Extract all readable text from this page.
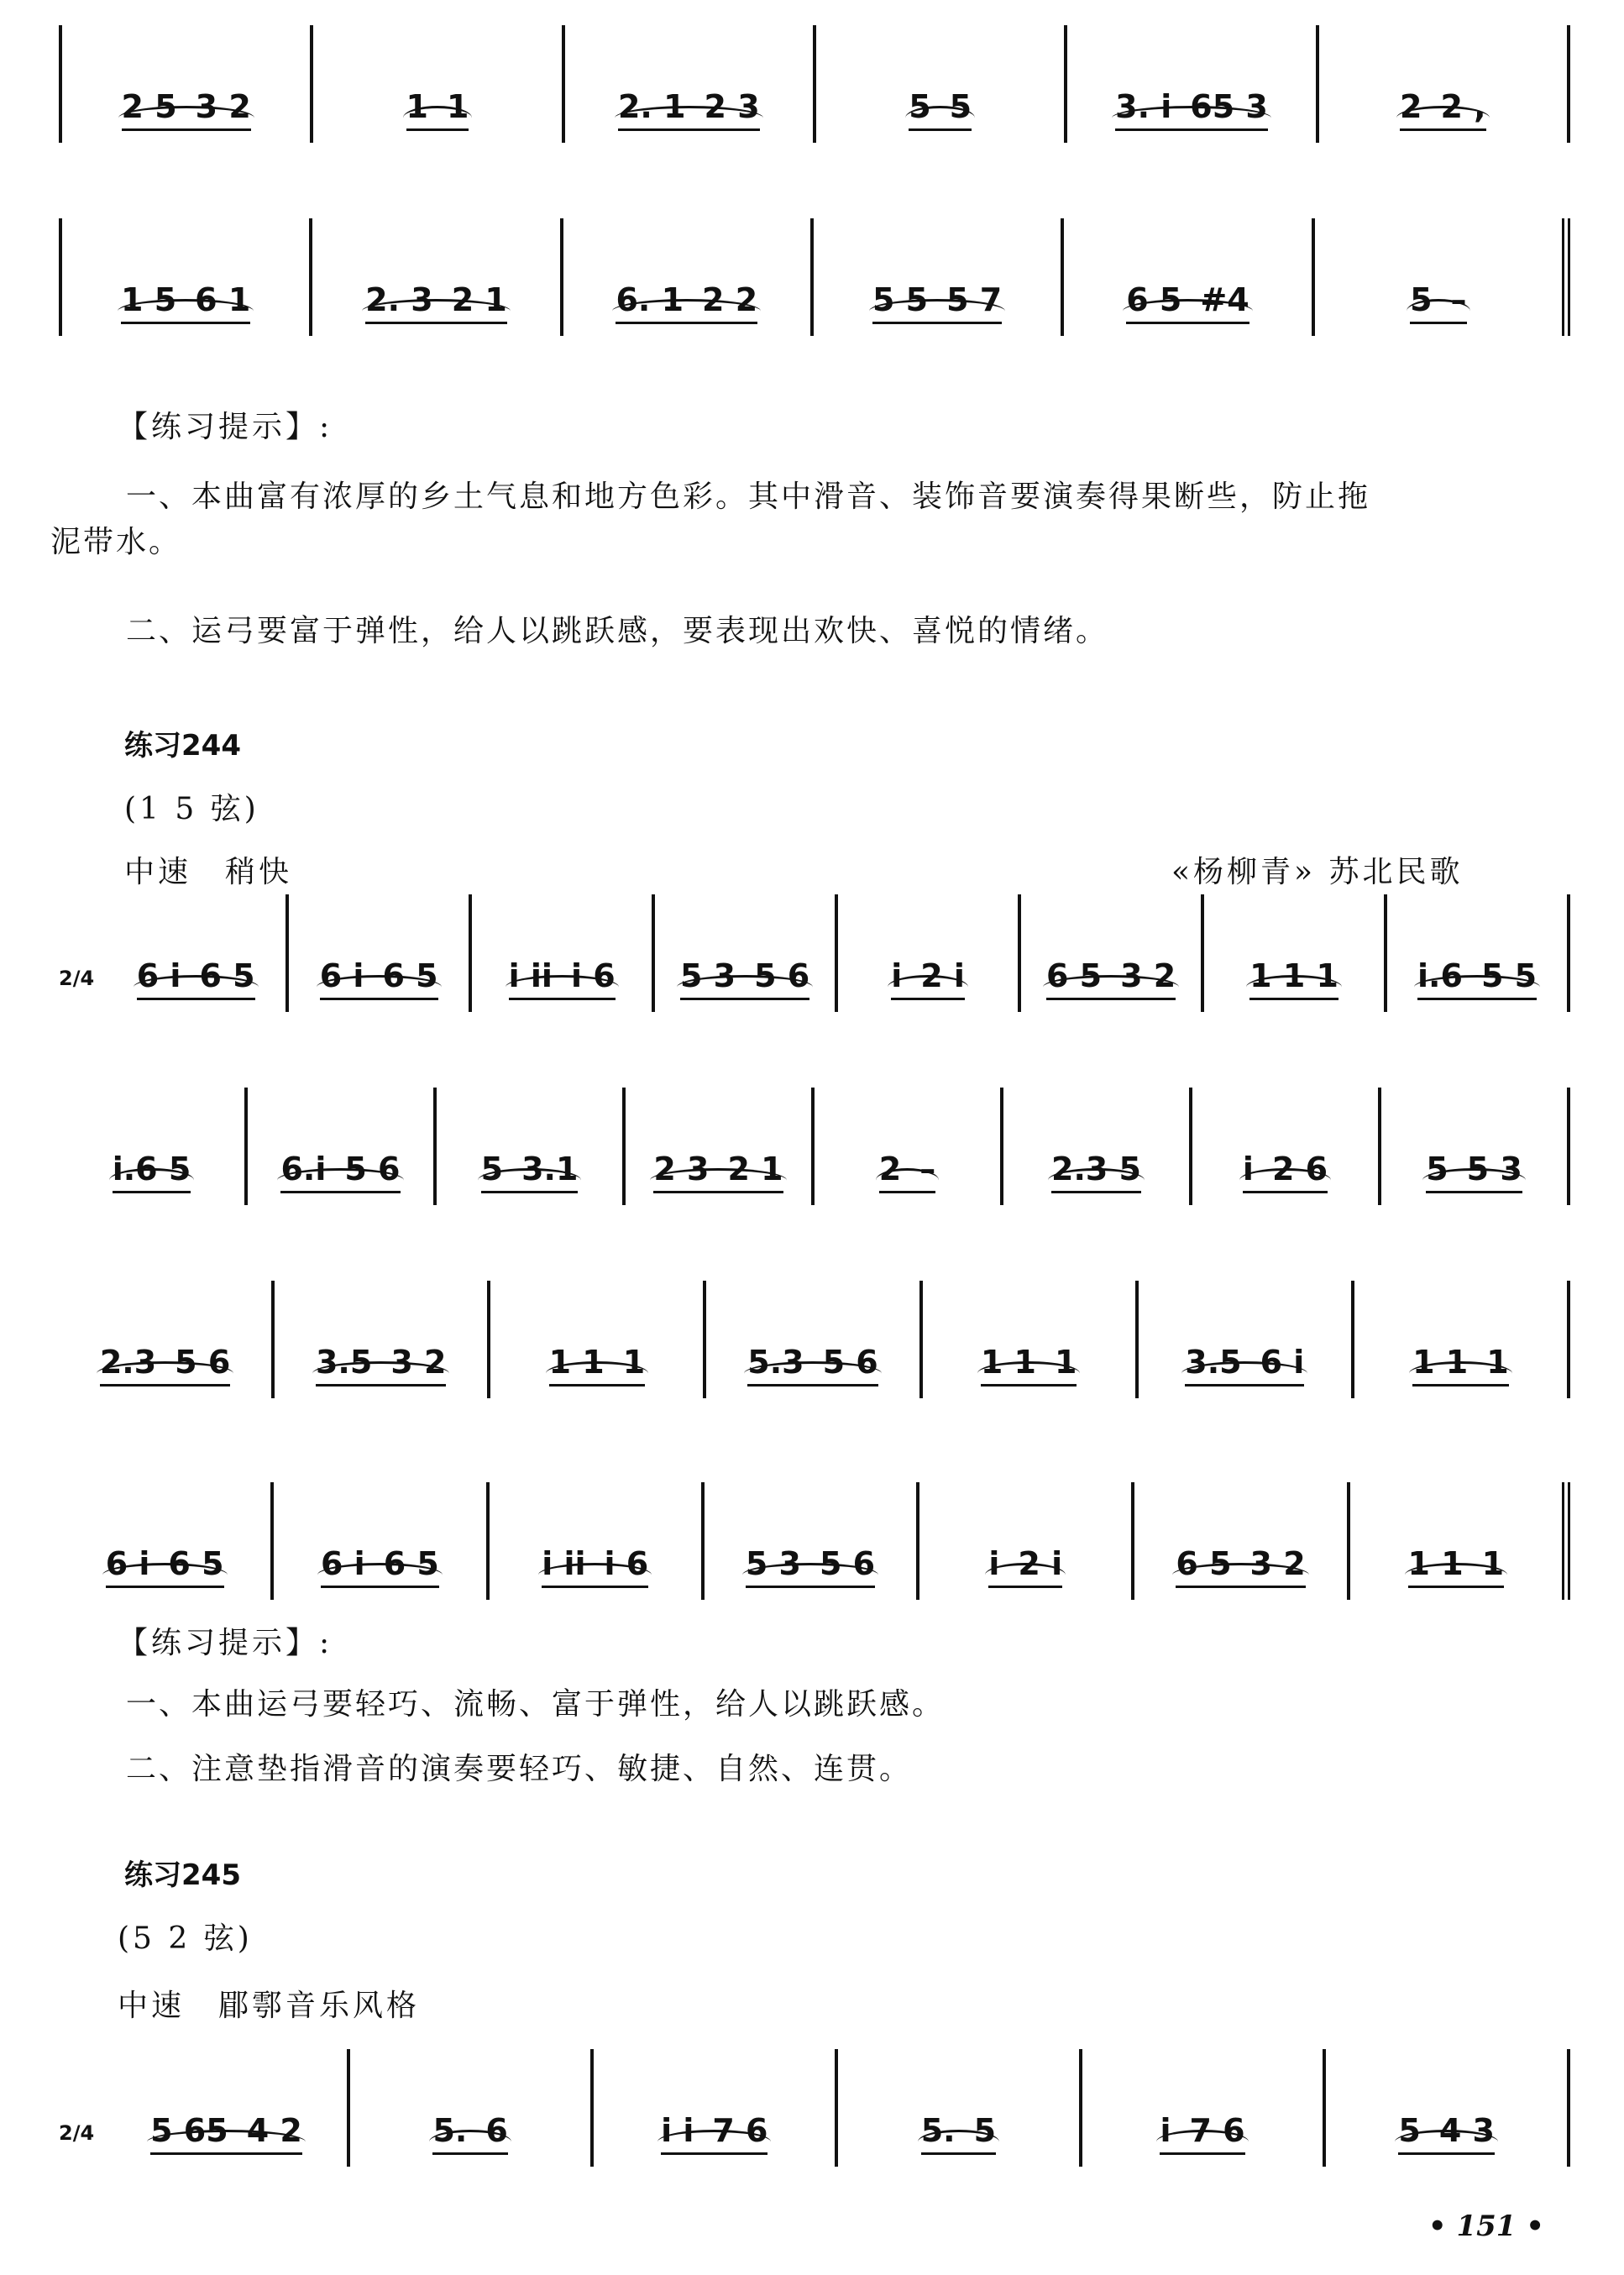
2 5 3 2	1 1	2. 1 2 3	5 5	3. i 65 3	2 2 ,
1 5 6 1	2. 3 2 1	6. 1 2 2	5 5 5 7	6 5 #4	5 –
【练习提示】:
一、本曲富有浓厚的乡土气息和地方色彩。其中滑音、装饰音要演奏得果断些，防止拖
泥带水。
二、运弓要富于弹性，给人以跳跃感，要表现出欢快、喜悦的情绪。
练习244
(1 5 弦)
中速　稍快	«杨柳青» 苏北民歌
2/4 6 i 6 5 6 i 6 5 i ii i 6 5 3 5 6	i 2 i	6 5 3 2 1 1 1 i.6 5 5
i.6 5	6.i 5 6	5 3.1 2 3 2 1	2 –	2.3 5	i 2 6	5 5 3
2.3 5 6	3.5 3 2	1 1 1	5.3 5 6	1 1 1	3.5 6 i	1 1 1
6 i 6 5	6 i 6 5	i ii i 6	5 3 5 6	i 2 i	6 5 3 2	1 1 1
【练习提示】:
一、本曲运弓要轻巧、流畅、富于弹性，给人以跳跃感。
二、注意垫指滑音的演奏要轻巧、敏捷、自然、连贯。
练习245
(5 2 弦)
中速　郿鄠音乐风格
2/4 5 65 4 2	5. 6	i i 7 6	5. 5	i 7 6	5 4 3
• 151 •
